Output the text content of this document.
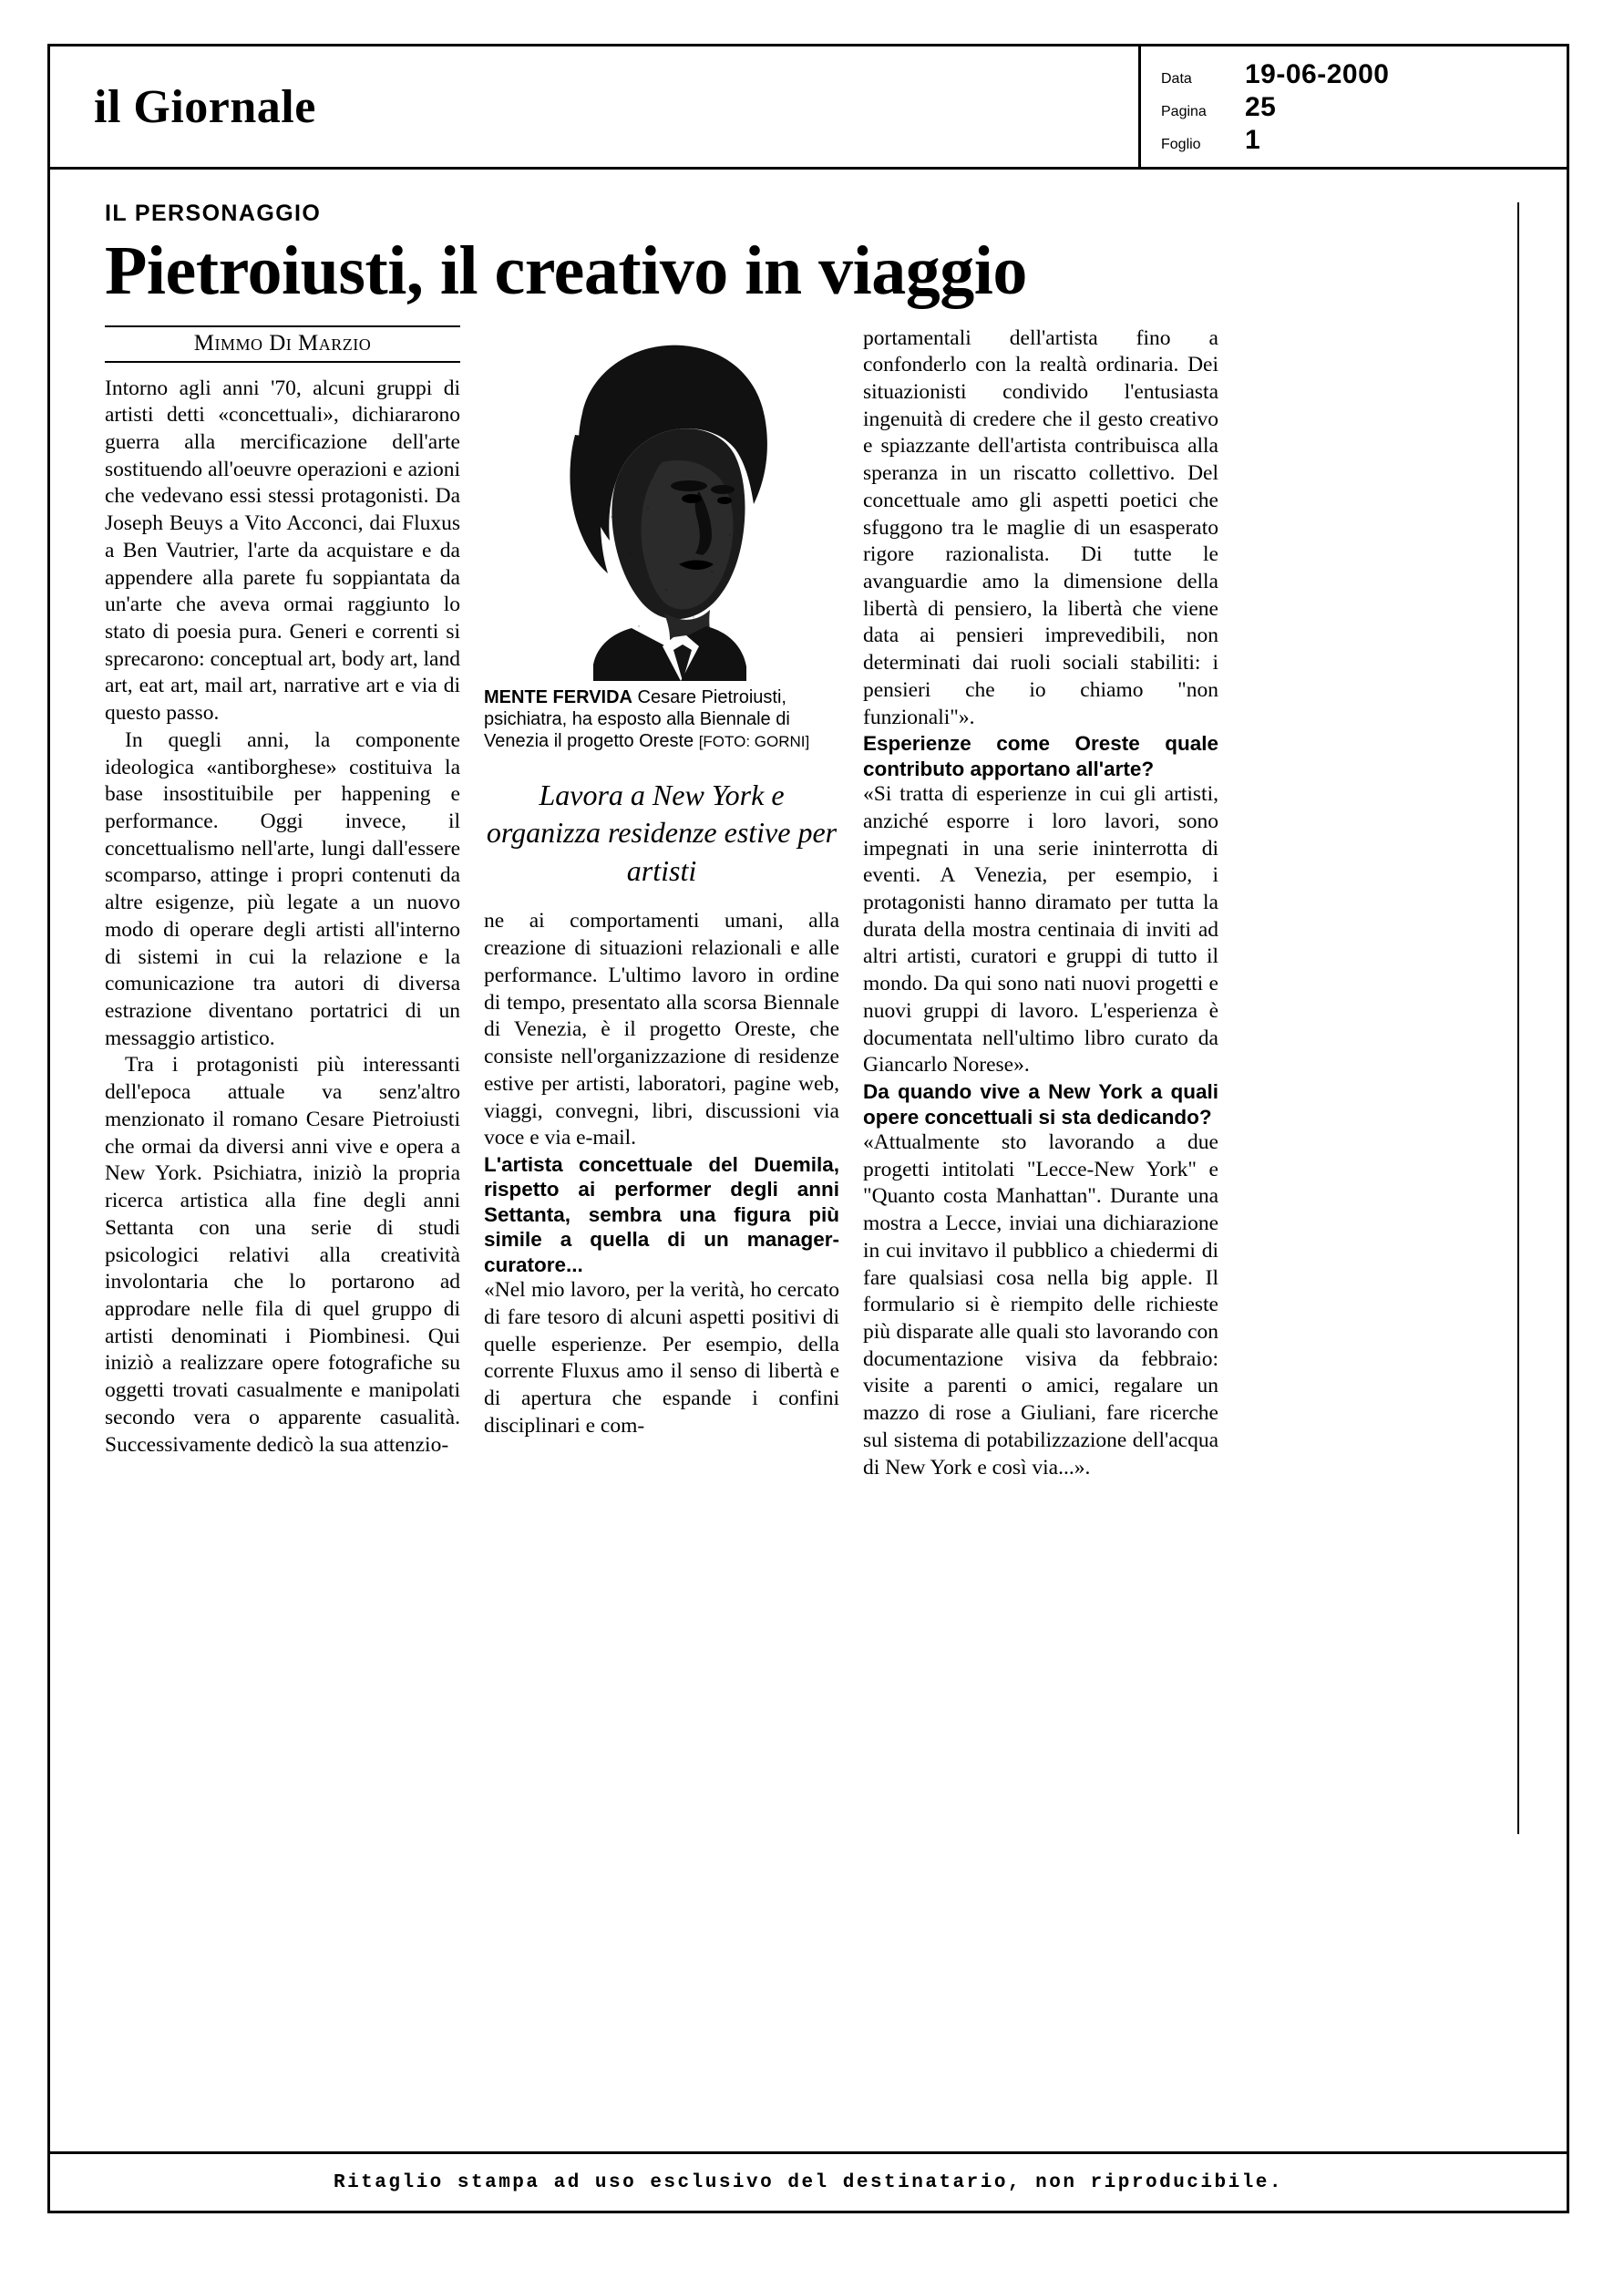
il Giornale
Data	19-06-2000
Pagina	25
Foglio	1
IL PERSONAGGIO
Pietroiusti, il creativo in viaggio
Mimmo Di Marzio

Intorno agli anni '70, alcuni gruppi di artisti detti «concettuali», dichiararono guerra alla mercificazione dell'arte sostituendo all'oeuvre operazioni e azioni che vedevano essi stessi protagonisti. Da Joseph Beuys a Vito Acconci, dai Fluxus a Ben Vautrier, l'arte da acquistare e da appendere alla parete fu soppiantata da un'arte che aveva ormai raggiunto lo stato di poesia pura. Generi e correnti si sprecarono: conceptual art, body art, land art, eat art, mail art, narrative art e via di questo passo.

In quegli anni, la componente ideologica «antiborghese» costituiva la base insostituibile per happening e performance. Oggi invece, il concettualismo nell'arte, lungi dall'essere scomparso, attinge i propri contenuti da altre esigenze, più legate a un nuovo modo di operare degli artisti all'interno di sistemi in cui la relazione e la comunicazione tra autori di diversa estrazione diventano portatrici di un messaggio artistico.

Tra i protagonisti più interessanti dell'epoca attuale va senz'altro menzionato il romano Cesare Pietroiusti che ormai da diversi anni vive e opera a New York. Psichiatra, iniziò la propria ricerca artistica alla fine degli anni Settanta con una serie di studi psicologici relativi alla creatività involontaria che lo portarono ad approdare nelle fila di quel gruppo di artisti denominati i Piombinesi. Qui iniziò a realizzare opere fotografiche su oggetti trovati casualmente e manipolati secondo vera o apparente casualità. Successivamente dedicò la sua attenzio-

MENTE FERVIDA Cesare Pietroiusti, psichiatra, ha esposto alla Biennale di Venezia il progetto Oreste [FOTO: GORNI]

Lavora a New York e organizza residenze estive per artisti

ne ai comportamenti umani, alla creazione di situazioni relazionali e alle performance. L'ultimo lavoro in ordine di tempo, presentato alla scorsa Biennale di Venezia, è il progetto Oreste, che consiste nell'organizzazione di residenze estive per artisti, laboratori, pagine web, viaggi, convegni, libri, discussioni via voce e via e-mail.

L'artista concettuale del Duemila, rispetto ai performer degli anni Settanta, sembra una figura più simile a quella di un manager-curatore...

«Nel mio lavoro, per la verità, ho cercato di fare tesoro di alcuni aspetti positivi di quelle esperienze. Per esempio, della corrente Fluxus amo il senso di libertà e di apertura che espande i confini disciplinari e com-

portamentali dell'artista fino a confonderlo con la realtà ordinaria. Dei situazionisti condivido l'entusiasta ingenuità di credere che il gesto creativo e spiazzante dell'artista contribuisca alla speranza in un riscatto collettivo. Del concettuale amo gli aspetti poetici che sfuggono tra le maglie di un esasperato rigore razionalista. Di tutte le avanguardie amo la dimensione della libertà di pensiero, la libertà che viene data ai pensieri imprevedibili, non determinati dai ruoli sociali stabiliti: i pensieri che io chiamo "non funzionali"».

Esperienze come Oreste quale contributo apportano all'arte?

«Si tratta di esperienze in cui gli artisti, anziché esporre i loro lavori, sono impegnati in una serie ininterrotta di eventi. A Venezia, per esempio, i protagonisti hanno diramato per tutta la durata della mostra centinaia di inviti ad altri artisti, curatori e gruppi di tutto il mondo. Da qui sono nati nuovi progetti e nuovi gruppi di lavoro. L'esperienza è documentata nell'ultimo libro curato da Giancarlo Norese».

Da quando vive a New York a quali opere concettuali si sta dedicando?

«Attualmente sto lavorando a due progetti intitolati "Lecce-New York" e "Quanto costa Manhattan". Durante una mostra a Lecce, inviai una dichiarazione in cui invitavo il pubblico a chiedermi di fare qualsiasi cosa nella big apple. Il formulario si è riempito delle richieste più disparate alle quali sto lavorando con documentazione visiva da febbraio: visite a parenti o amici, regalare un mazzo di rose a Giuliani, fare ricerche sul sistema di potabilizzazione dell'acqua di New York e così via...».

Ritaglio stampa ad uso esclusivo del destinatario, non riproducibile.
